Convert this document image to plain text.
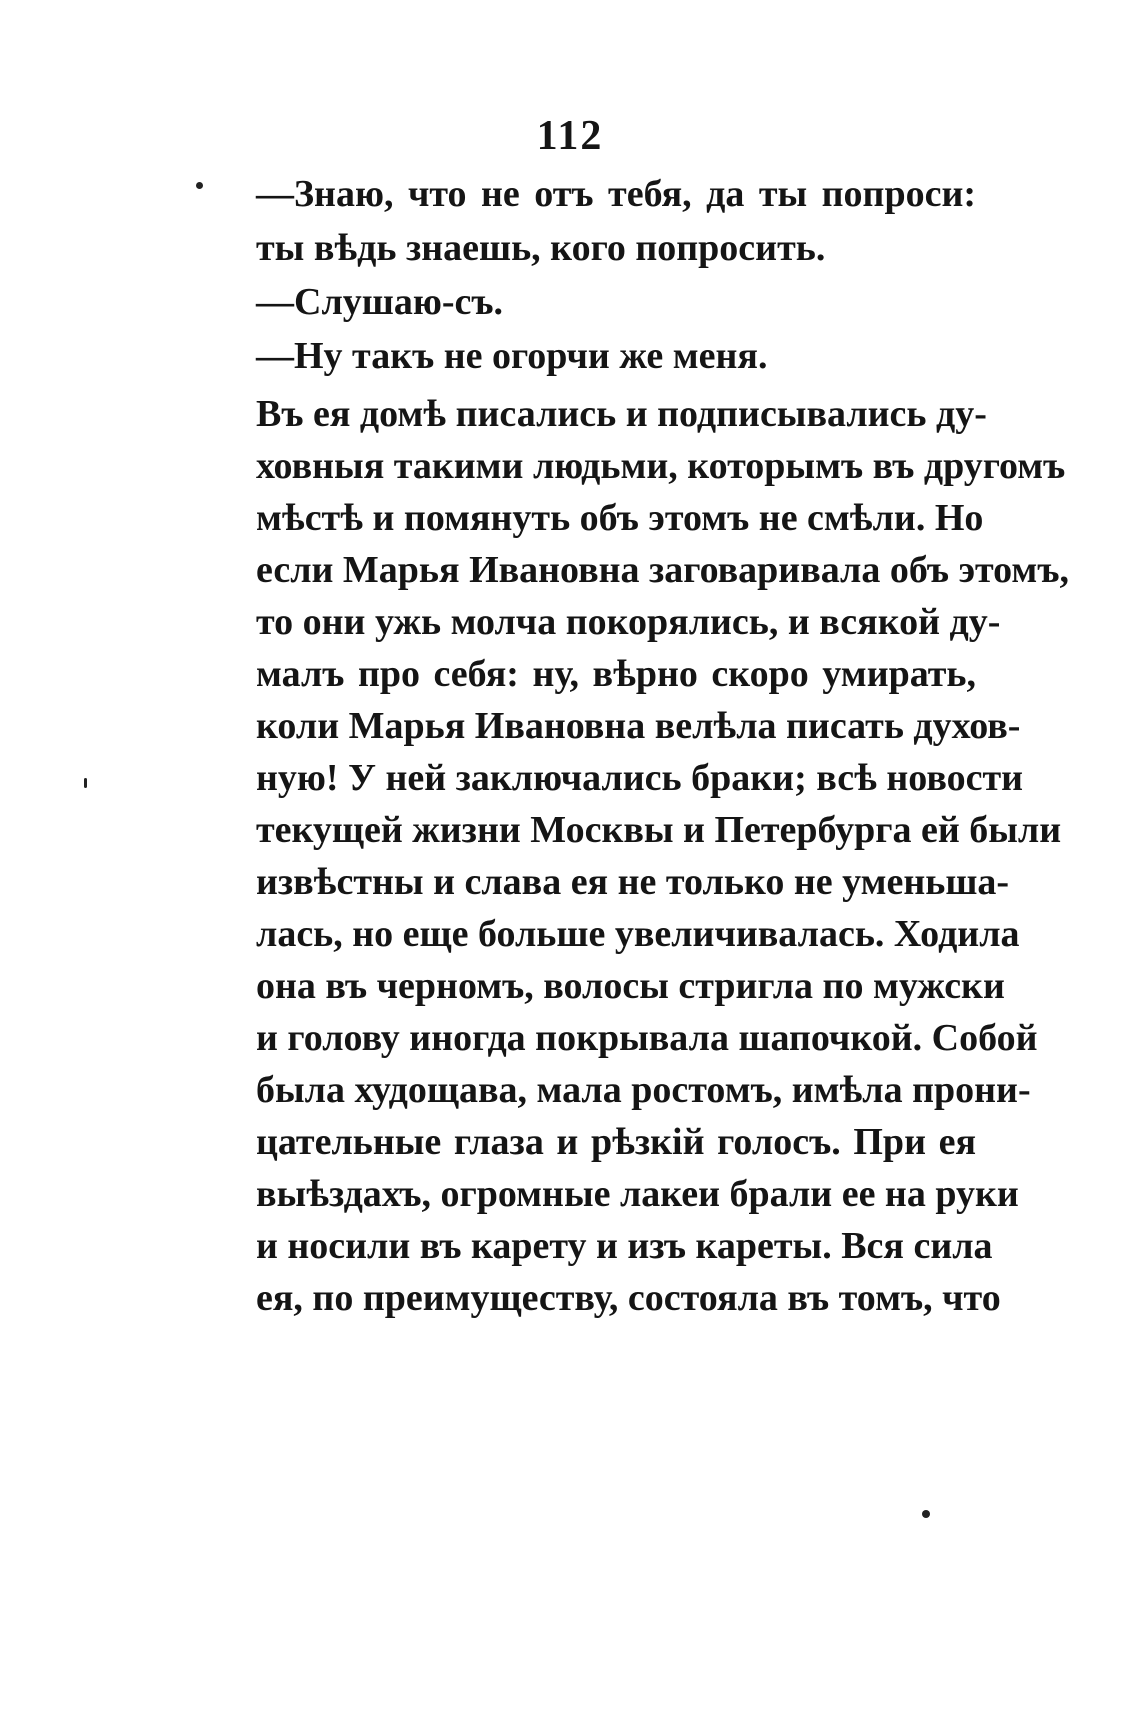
112
—Знаю, что не отъ тебя, да ты попроси:
ты вѣдь знаешь, кого попросить.
—Слушаю-съ.
—Ну такъ не огорчи же меня.
Въ ея домѣ писались и подписывались ду-
ховныя такими людьми, которымъ въ другомъ
мѣстѣ и помянуть объ этомъ не смѣли. Но
если Марья Ивановна заговаривала объ этомъ,
то они ужь молча покорялись, и всякой ду-
малъ про себя: ну, вѣрно скоро умирать,
коли Марья Ивановна велѣла писать духов-
ную! У ней заключались браки; всѣ новости
текущей жизни Москвы и Петербурга ей были
извѣстны и слава ея не только не уменьша-
лась, но еще больше увеличивалась. Ходила
она въ черномъ, волосы стригла по мужски
и голову иногда покрывала шапочкой. Собой
была худощава, мала ростомъ, имѣла прони-
цательные глаза и рѣзкій голосъ. При ея
выѣздахъ, огромные лакеи брали ее на руки
и носили въ карету и изъ кареты. Вся сила
ея, по преимуществу, состояла въ томъ, что
